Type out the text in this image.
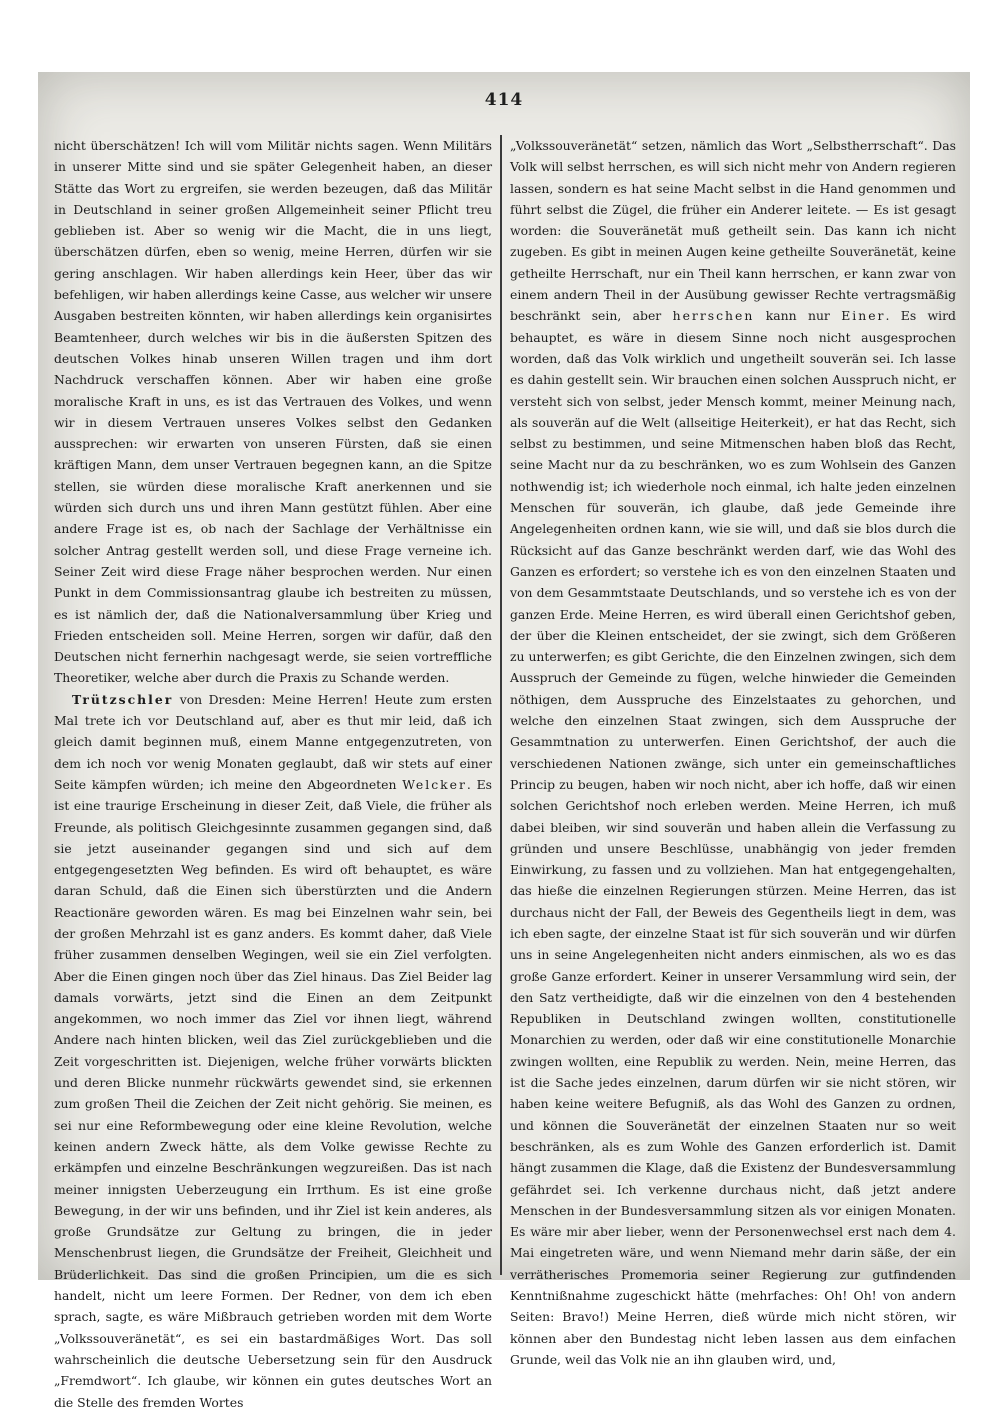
414

nicht überschätzen! Ich will vom Militär nichts sagen. Wenn Militärs in unserer Mitte sind und sie später Gelegenheit haben, an dieser Stätte das Wort zu ergreifen, sie werden bezeugen, daß das Militär in Deutschland in seiner großen Allgemeinheit seiner Pflicht treu geblieben ist. Aber so wenig wir die Macht, die in uns liegt, überschätzen dürfen, eben so wenig, meine Herren, dürfen wir sie gering anschlagen. Wir haben allerdings kein Heer, über das wir befehligen, wir haben allerdings keine Casse, aus welcher wir unsere Ausgaben bestreiten könnten, wir haben allerdings kein organisirtes Beamtenheer, durch welches wir bis in die äußersten Spitzen des deutschen Volkes hinab unseren Willen tragen und ihm dort Nachdruck verschaffen können. Aber wir haben eine große moralische Kraft in uns, es ist das Vertrauen des Volkes, und wenn wir in diesem Vertrauen unseres Volkes selbst den Gedanken aussprechen: wir erwarten von unseren Fürsten, daß sie einen kräftigen Mann, dem unser Vertrauen begegnen kann, an die Spitze stellen, sie würden diese moralische Kraft anerkennen und sie würden sich durch uns und ihren Mann gestützt fühlen. Aber eine andere Frage ist es, ob nach der Sachlage der Verhältnisse ein solcher Antrag gestellt werden soll, und diese Frage verneine ich. Seiner Zeit wird diese Frage näher besprochen werden. Nur einen Punkt in dem Commissionsantrag glaube ich bestreiten zu müssen, es ist nämlich der, daß die Nationalversammlung über Krieg und Frieden entscheiden soll. Meine Herren, sorgen wir dafür, daß den Deutschen nicht fernerhin nachgesagt werde, sie seien vortreffliche Theoretiker, welche aber durch die Praxis zu Schande werden.

Trützschler von Dresden: Meine Herren! Heute zum ersten Mal trete ich vor Deutschland auf, aber es thut mir leid, daß ich gleich damit beginnen muß, einem Manne entgegenzutreten, von dem ich noch vor wenig Monaten geglaubt, daß wir stets auf einer Seite kämpfen würden; ich meine den Abgeordneten Welcker. Es ist eine traurige Erscheinung in dieser Zeit, daß Viele, die früher als Freunde, als politisch Gleichgesinnte zusammen gegangen sind, daß sie jetzt auseinander gegangen sind und sich auf dem entgegengesetzten Weg befinden. Es wird oft behauptet, es wäre daran Schuld, daß die Einen sich überstürzten und die Andern Reactionäre geworden wären. Es mag bei Einzelnen wahr sein, bei der großen Mehrzahl ist es ganz anders. Es kommt daher, daß Viele früher zusammen denselben Wegingen, weil sie ein Ziel verfolgten. Aber die Einen gingen noch über das Ziel hinaus. Das Ziel Beider lag damals vorwärts, jetzt sind die Einen an dem Zeitpunkt angekommen, wo noch immer das Ziel vor ihnen liegt, während Andere nach hinten blicken, weil das Ziel zurückgeblieben und die Zeit vorgeschritten ist. Diejenigen, welche früher vorwärts blickten und deren Blicke nunmehr rückwärts gewendet sind, sie erkennen zum großen Theil die Zeichen der Zeit nicht gehörig. Sie meinen, es sei nur eine Reformbewegung oder eine kleine Revolution, welche keinen andern Zweck hätte, als dem Volke gewisse Rechte zu erkämpfen und einzelne Beschränkungen wegzureißen. Das ist nach meiner innigsten Ueberzeugung ein Irrthum. Es ist eine große Bewegung, in der wir uns befinden, und ihr Ziel ist kein anderes, als große Grundsätze zur Geltung zu bringen, die in jeder Menschenbrust liegen, die Grundsätze der Freiheit, Gleichheit und Brüderlichkeit. Das sind die großen Principien, um die es sich handelt, nicht um leere Formen. Der Redner, von dem ich eben sprach, sagte, es wäre Mißbrauch getrieben worden mit dem Worte „Volkssouveränetät“, es sei ein bastardmäßiges Wort. Das soll wahrscheinlich die deutsche Uebersetzung sein für den Ausdruck „Fremdwort“. Ich glaube, wir können ein gutes deutsches Wort an die Stelle des fremden Wortes

„Volkssouveränetät“ setzen, nämlich das Wort „Selbstherrschaft“. Das Volk will selbst herrschen, es will sich nicht mehr von Andern regieren lassen, sondern es hat seine Macht selbst in die Hand genommen und führt selbst die Zügel, die früher ein Anderer leitete. — Es ist gesagt worden: die Souveränetät muß getheilt sein. Das kann ich nicht zugeben. Es gibt in meinen Augen keine getheilte Souveränetät, keine getheilte Herrschaft, nur ein Theil kann herrschen, er kann zwar von einem andern Theil in der Ausübung gewisser Rechte vertragsmäßig beschränkt sein, aber herrschen kann nur Einer. Es wird behauptet, es wäre in diesem Sinne noch nicht ausgesprochen worden, daß das Volk wirklich und ungetheilt souverän sei. Ich lasse es dahin gestellt sein. Wir brauchen einen solchen Ausspruch nicht, er versteht sich von selbst, jeder Mensch kommt, meiner Meinung nach, als souverän auf die Welt (allseitige Heiterkeit), er hat das Recht, sich selbst zu bestimmen, und seine Mitmenschen haben bloß das Recht, seine Macht nur da zu beschränken, wo es zum Wohlsein des Ganzen nothwendig ist; ich wiederhole noch einmal, ich halte jeden einzelnen Menschen für souverän, ich glaube, daß jede Gemeinde ihre Angelegenheiten ordnen kann, wie sie will, und daß sie blos durch die Rücksicht auf das Ganze beschränkt werden darf, wie das Wohl des Ganzen es erfordert; so verstehe ich es von den einzelnen Staaten und von dem Gesammtstaate Deutschlands, und so verstehe ich es von der ganzen Erde. Meine Herren, es wird überall einen Gerichtshof geben, der über die Kleinen entscheidet, der sie zwingt, sich dem Größeren zu unterwerfen; es gibt Gerichte, die den Einzelnen zwingen, sich dem Ausspruch der Gemeinde zu fügen, welche hinwieder die Gemeinden nöthigen, dem Ausspruche des Einzelstaates zu gehorchen, und welche den einzelnen Staat zwingen, sich dem Ausspruche der Gesammtnation zu unterwerfen. Einen Gerichtshof, der auch die verschiedenen Nationen zwänge, sich unter ein gemeinschaftliches Princip zu beugen, haben wir noch nicht, aber ich hoffe, daß wir einen solchen Gerichtshof noch erleben werden. Meine Herren, ich muß dabei bleiben, wir sind souverän und haben allein die Verfassung zu gründen und unsere Beschlüsse, unabhängig von jeder fremden Einwirkung, zu fassen und zu vollziehen. Man hat entgegengehalten, das hieße die einzelnen Regierungen stürzen. Meine Herren, das ist durchaus nicht der Fall, der Beweis des Gegentheils liegt in dem, was ich eben sagte, der einzelne Staat ist für sich souverän und wir dürfen uns in seine Angelegenheiten nicht anders einmischen, als wo es das große Ganze erfordert. Keiner in unserer Versammlung wird sein, der den Satz vertheidigte, daß wir die einzelnen von den 4 bestehenden Republiken in Deutschland zwingen wollten, constitutionelle Monarchien zu werden, oder daß wir eine constitutionelle Monarchie zwingen wollten, eine Republik zu werden. Nein, meine Herren, das ist die Sache jedes einzelnen, darum dürfen wir sie nicht stören, wir haben keine weitere Befugniß, als das Wohl des Ganzen zu ordnen, und können die Souveränetät der einzelnen Staaten nur so weit beschränken, als es zum Wohle des Ganzen erforderlich ist. Damit hängt zusammen die Klage, daß die Existenz der Bundesversammlung gefährdet sei. Ich verkenne durchaus nicht, daß jetzt andere Menschen in der Bundesversammlung sitzen als vor einigen Monaten. Es wäre mir aber lieber, wenn der Personenwechsel erst nach dem 4. Mai eingetreten wäre, und wenn Niemand mehr darin säße, der ein verrätherisches Promemoria seiner Regierung zur gutfindenden Kenntnißnahme zugeschickt hätte (mehrfaches: Oh! Oh! von andern Seiten: Bravo!) Meine Herren, dieß würde mich nicht stören, wir können aber den Bundestag nicht leben lassen aus dem einfachen Grunde, weil das Volk nie an ihn glauben wird, und,
